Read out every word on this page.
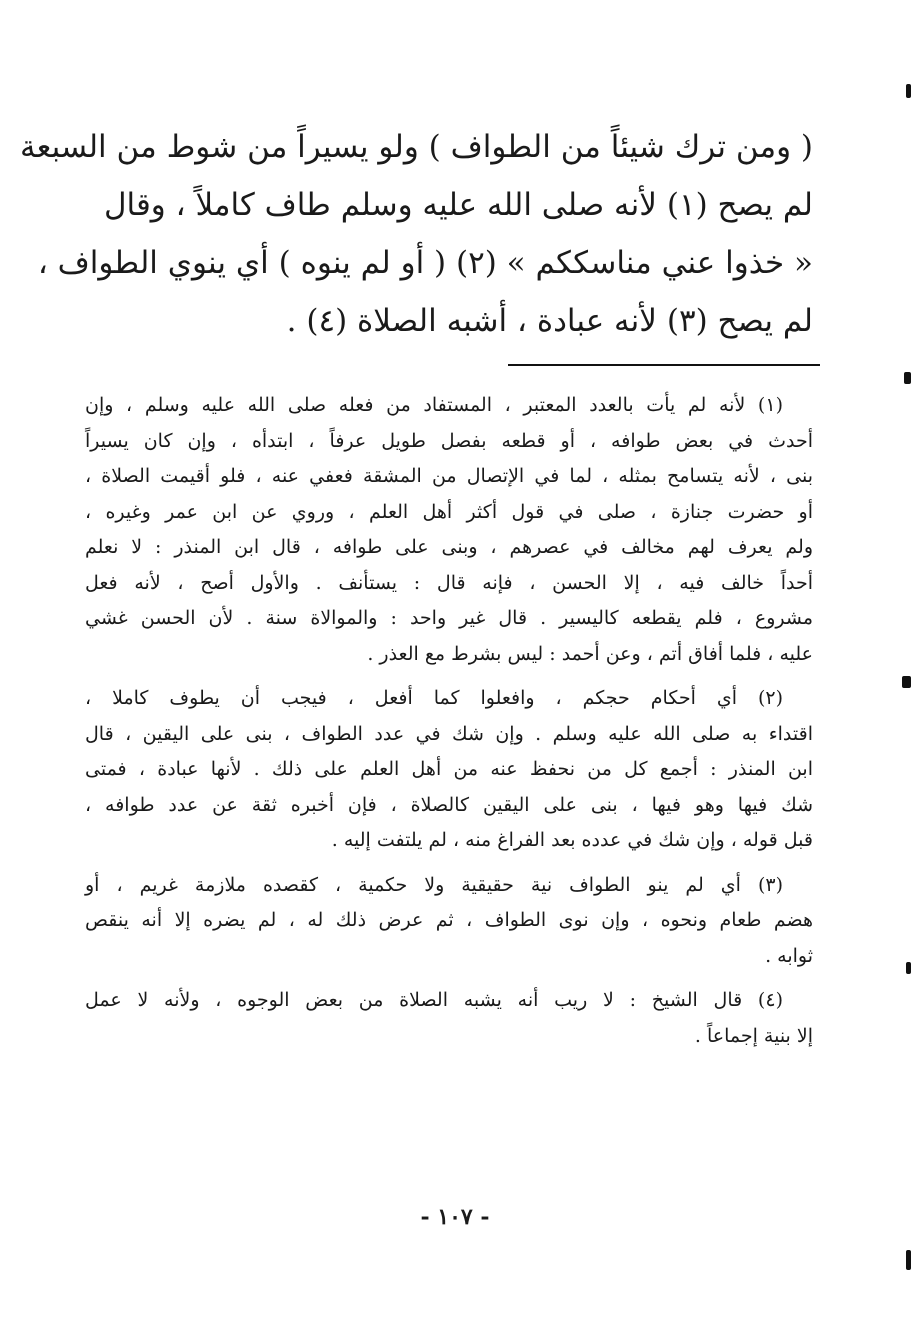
( ومن ترك شيئاً من الطواف ) ولو يسيراً من شوط من السبعة
لم يصح (١) لأنه صلى الله عليه وسلم طاف كاملاً ، وقال
« خذوا عني مناسككم » (٢) ( أو لم ينوه ) أي ينوي الطواف ،
لم يصح (٣) لأنه عبادة ، أشبه الصلاة (٤) .
(١) لأنه لم يأت بالعدد المعتبر ، المستفاد من فعله صلى الله عليه وسلم ، وإن
أحدث في بعض طوافه ، أو قطعه بفصل طويل عرفاً ، ابتدأه ، وإن كان يسيراً
بنى ، لأنه يتسامح بمثله ، لما في الإتصال من المشقة فعفي عنه ، فلو أقيمت الصلاة ،
أو حضرت جنازة ، صلى في قول أكثر أهل العلم ، وروي عن ابن عمر وغيره ،
ولم يعرف لهم مخالف في عصرهم ، وبنى على طوافه ، قال ابن المنذر : لا نعلم
أحداً خالف فيه ، إلا الحسن ، فإنه قال : يستأنف . والأول أصح ، لأنه فعل
مشروع ، فلم يقطعه كاليسير . قال غير واحد : والموالاة سنة . لأن الحسن غشي
عليه ، فلما أفاق أتم ، وعن أحمد : ليس بشرط مع العذر .
(٢) أي أحكام حجكم ، وافعلوا كما أفعل ، فيجب أن يطوف كاملا ،
اقتداء به صلى الله عليه وسلم . وإن شك في عدد الطواف ، بنى على اليقين ، قال
ابن المنذر : أجمع كل من نحفظ عنه من أهل العلم على ذلك . لأنها عبادة ، فمتى
شك فيها وهو فيها ، بنى على اليقين كالصلاة ، فإن أخبره ثقة عن عدد طوافه ،
قبل قوله ، وإن شك في عدده بعد الفراغ منه ، لم يلتفت إليه .
(٣) أي لم ينو الطواف نية حقيقية ولا حكمية ، كقصده ملازمة غريم ، أو
هضم طعام ونحوه ، وإن نوى الطواف ، ثم عرض ذلك له ، لم يضره إلا أنه ينقص
ثوابه .
(٤) قال الشيخ : لا ريب أنه يشبه الصلاة من بعض الوجوه ، ولأنه لا عمل
إلا بنية إجماعاً .
- ١٠٧ -
